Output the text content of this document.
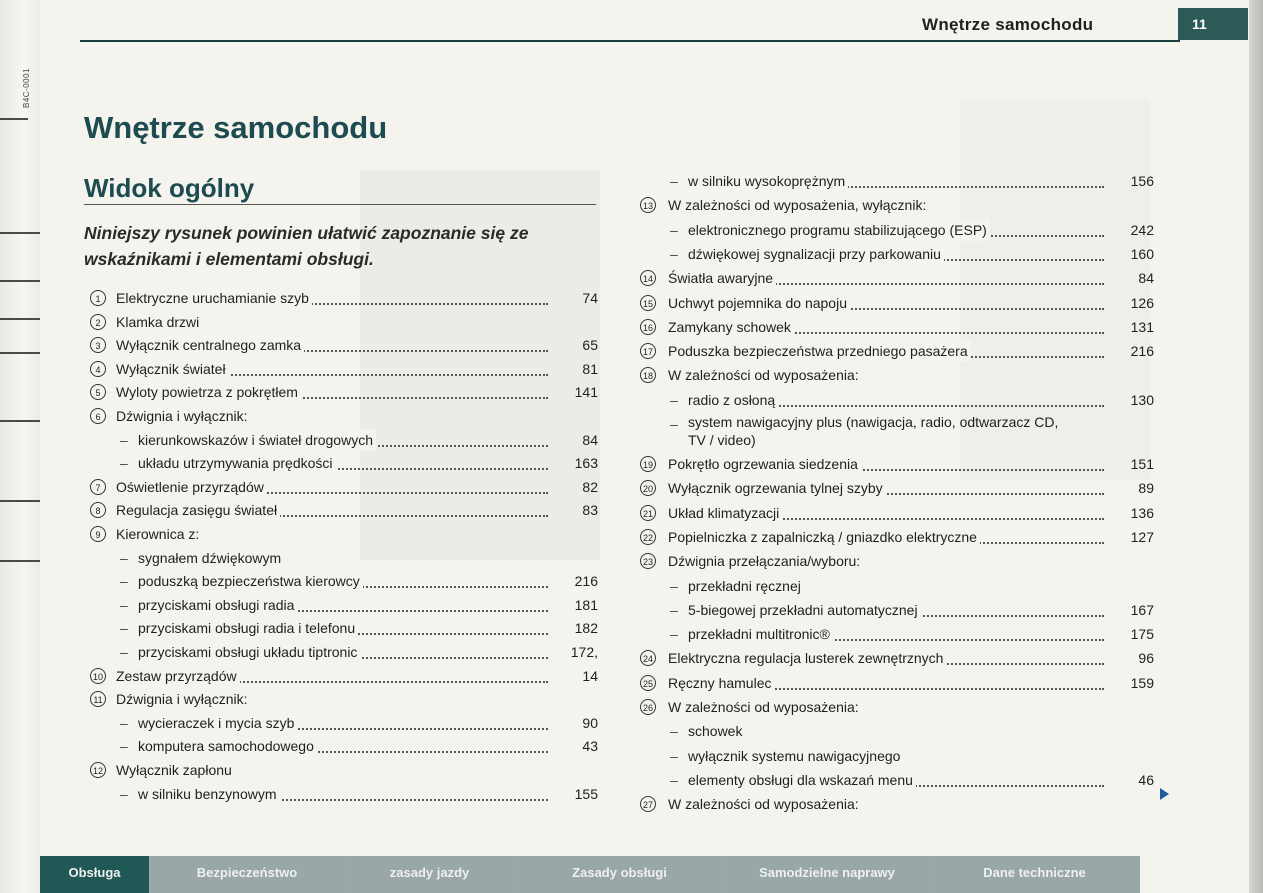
B4C-0001
Wnętrze samochodu	11
Wnętrze samochodu
Widok ogólny
Niniejszy rysunek powinien ułatwić zapoznanie się ze wskaźnikami i elementami obsługi.
1	Elektryczne uruchamianie szyb	74
2	Klamka drzwi
3	Wyłącznik centralnego zamka	65
4	Wyłącznik świateł	81
5	Wyloty powietrza z pokrętłem	141
6	Dźwignia i wyłącznik:
– kierunkowskazów i świateł drogowych	84
– układu utrzymywania prędkości	163
7	Oświetlenie przyrządów	82
8	Regulacja zasięgu świateł	83
9	Kierownica z:
– sygnałem dźwiękowym
– poduszką bezpieczeństwa kierowcy	216
– przyciskami obsługi radia	181
– przyciskami obsługi radia i telefonu	182
– przyciskami obsługi układu tiptronic	172,
10 Zestaw przyrządów	14
11 Dźwignia i wyłącznik:
– wycieraczek i mycia szyb	90
– komputera samochodowego	43
12 Wyłącznik zapłonu
– w silniku benzynowym	155
– w silniku wysokoprężnym	156
13 W zależności od wyposażenia, wyłącznik:
– elektronicznego programu stabilizującego (ESP)	242
– dźwiękowej sygnalizacji przy parkowaniu	160
14 Światła awaryjne	84
15 Uchwyt pojemnika do napoju	126
16 Zamykany schowek	131
17 Poduszka bezpieczeństwa przedniego pasażera	216
18 W zależności od wyposażenia:
– radio z osłoną	130
– system nawigacyjny plus (nawigacja, radio, odtwarzacz CD, TV / video)
19 Pokrętło ogrzewania siedzenia	151
20 Wyłącznik ogrzewania tylnej szyby	89
21 Układ klimatyzacji	136
22 Popielniczka z zapalniczką / gniazdko elektryczne	127
23 Dźwignia przełączania/wyboru:
– przekładni ręcznej
– 5-biegowej przekładni automatycznej	167
– przekładni multitronic®	175
24 Elektryczna regulacja lusterek zewnętrznych	96
25 Ręczny hamulec	159
26 W zależności od wyposażenia:
– schowek
– wyłącznik systemu nawigacyjnego
– elementy obsługi dla wskazań menu	46
27 W zależności od wyposażenia:
Obsługa	Bezpieczeństwo	zasady jazdy	Zasady obsługi	Samodzielne naprawy	Dane techniczne
